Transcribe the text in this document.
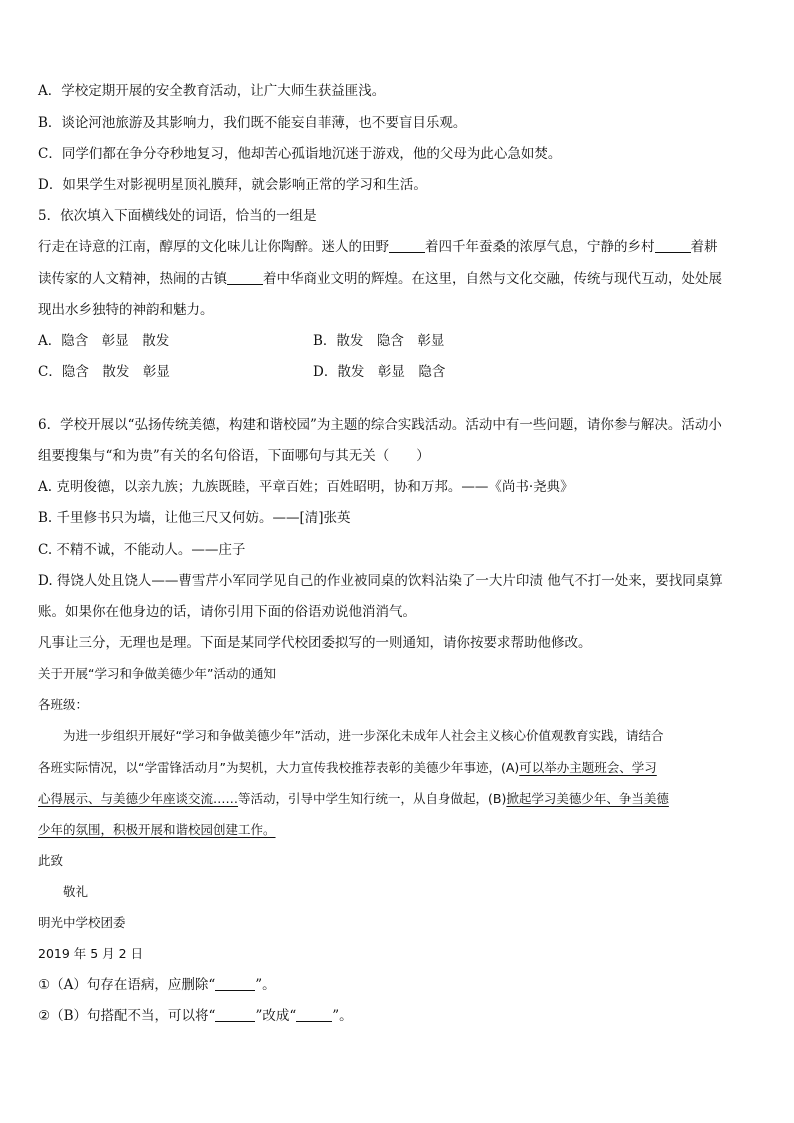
A．学校定期开展的安全教育活动，让广大师生获益匪浅。
B．谈论河池旅游及其影响力，我们既不能妄自菲薄，也不要盲目乐观。
C．同学们都在争分夺秒地复习，他却苦心孤诣地沉迷于游戏，他的父母为此心急如焚。
D．如果学生对影视明星顶礼膜拜，就会影响正常的学习和生活。
5．依次填入下面横线处的词语，恰当的一组是
行走在诗意的江南，醇厚的文化味儿让你陶醉。迷人的田野	着四千年蚕桑的浓厚气息，宁静的乡村	着耕
读传家的人文精神，热闹的古镇	着中华商业文明的辉煌。在这里，自然与文化交融，传统与现代互动，处处展
现出水乡独特的神韵和魅力。
A．隐含　彰显　散发	B．散发　隐含　彰显
C．隐含　散发　彰显	D．散发　彰显　隐含
6．学校开展以“弘扬传统美德，构建和谐校园”为主题的综合实践活动。活动中有一些问题，请你参与解决。活动小
组要搜集与“和为贵”有关的名句俗语，下面哪句与其无关（　　）
A. 克明俊德，以亲九族；九族既睦，平章百姓；百姓昭明，协和万邦。——《尚书·尧典》
B. 千里修书只为墙，让他三尺又何妨。——[清]张英
C. 不精不诚，不能动人。——庄子
D. 得饶人处且饶人——曹雪芹小军同学见自己的作业被同桌的饮料沾染了一大片印渍 他气不打一处来，要找同桌算
账。如果你在他身边的话，请你引用下面的俗语劝说他消消气。
凡事让三分，无理也是理。下面是某同学代校团委拟写的一则通知，请你按要求帮助他修改。
关于开展“学习和争做美德少年”活动的通知
各班级：
　　为进一步组织开展好“学习和争做美德少年”活动，进一步深化未成年人社会主义核心价值观教育实践，请结合
各班实际情况，以“学雷锋活动月”为契机，大力宣传我校推荐表彰的美德少年事迹，(A)可以举办主题班会、学习
心得展示、与美德少年座谈交流……等活动，引导中学生知行统一，从自身做起，(B)掀起学习美德少年、争当美德
少年的氛围，积极开展和谐校园创建工作。
此致
　　敬礼
明光中学校团委
2019 年 5 月 2 日
①（A）句存在语病，应删除“	”。
②（B）句搭配不当，可以将“	”改成“	”。
